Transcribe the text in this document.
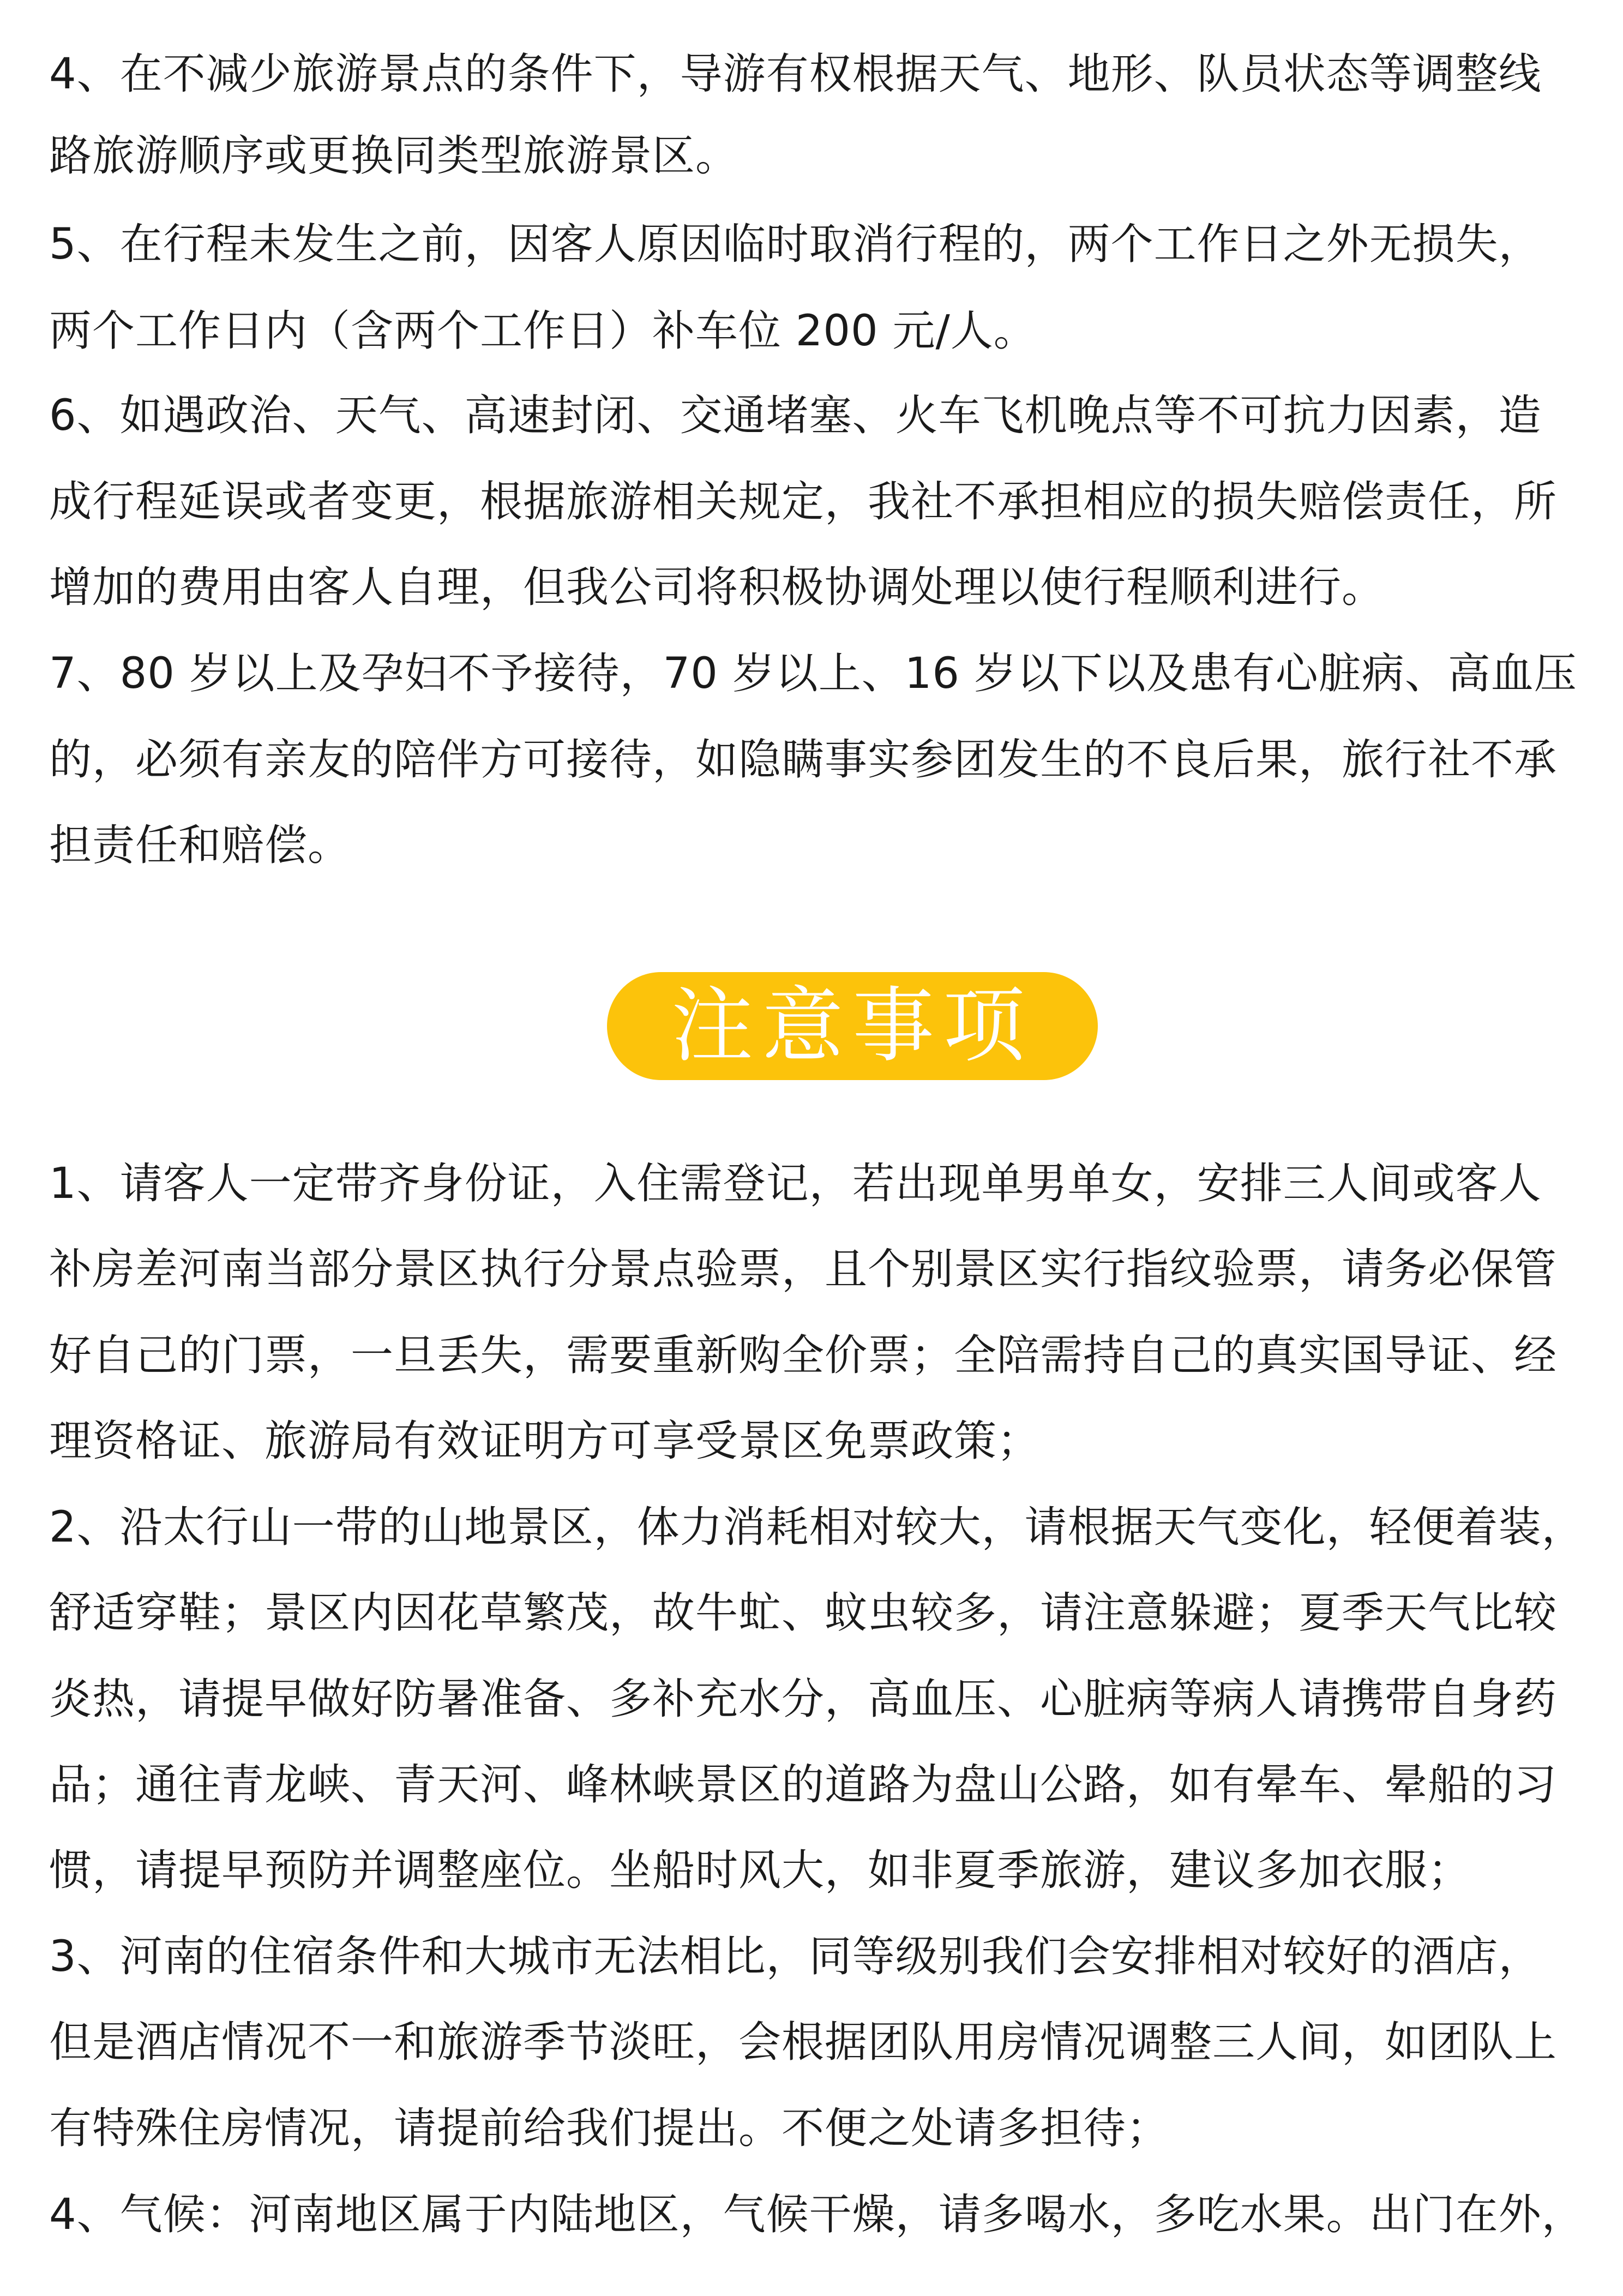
4、在不减少旅游景点的条件下，导游有权根据天气、地形、队员状态等调整线
路旅游顺序或更换同类型旅游景区。
5、在行程未发生之前，因客人原因临时取消行程的，两个工作日之外无损失，
两个工作日内（含两个工作日）补车位 200 元/人。
6、如遇政治、天气、高速封闭、交通堵塞、火车飞机晚点等不可抗力因素，造
成行程延误或者变更，根据旅游相关规定，我社不承担相应的损失赔偿责任，所
增加的费用由客人自理，但我公司将积极协调处理以使行程顺利进行。
7、80 岁以上及孕妇不予接待，70 岁以上、16 岁以下以及患有心脏病、高血压
的，必须有亲友的陪伴方可接待，如隐瞒事实参团发生的不良后果，旅行社不承
担责任和赔偿。
注意事项
1、请客人一定带齐身份证，入住需登记，若出现单男单女，安排三人间或客人
补房差河南当部分景区执行分景点验票，且个别景区实行指纹验票，请务必保管
好自己的门票，一旦丢失，需要重新购全价票；全陪需持自己的真实国导证、经
理资格证、旅游局有效证明方可享受景区免票政策；
2、沿太行山一带的山地景区，体力消耗相对较大，请根据天气变化，轻便着装，
舒适穿鞋；景区内因花草繁茂，故牛虻、蚊虫较多，请注意躲避；夏季天气比较
炎热，请提早做好防暑准备、多补充水分，高血压、心脏病等病人请携带自身药
品；通往青龙峡、青天河、峰林峡景区的道路为盘山公路，如有晕车、晕船的习
惯，请提早预防并调整座位。坐船时风大，如非夏季旅游，建议多加衣服；
3、河南的住宿条件和大城市无法相比，同等级别我们会安排相对较好的酒店，
但是酒店情况不一和旅游季节淡旺，会根据团队用房情况调整三人间，如团队上
有特殊住房情况，请提前给我们提出。不便之处请多担待；
4、气候：河南地区属于内陆地区，气候干燥，请多喝水，多吃水果。出门在外，
